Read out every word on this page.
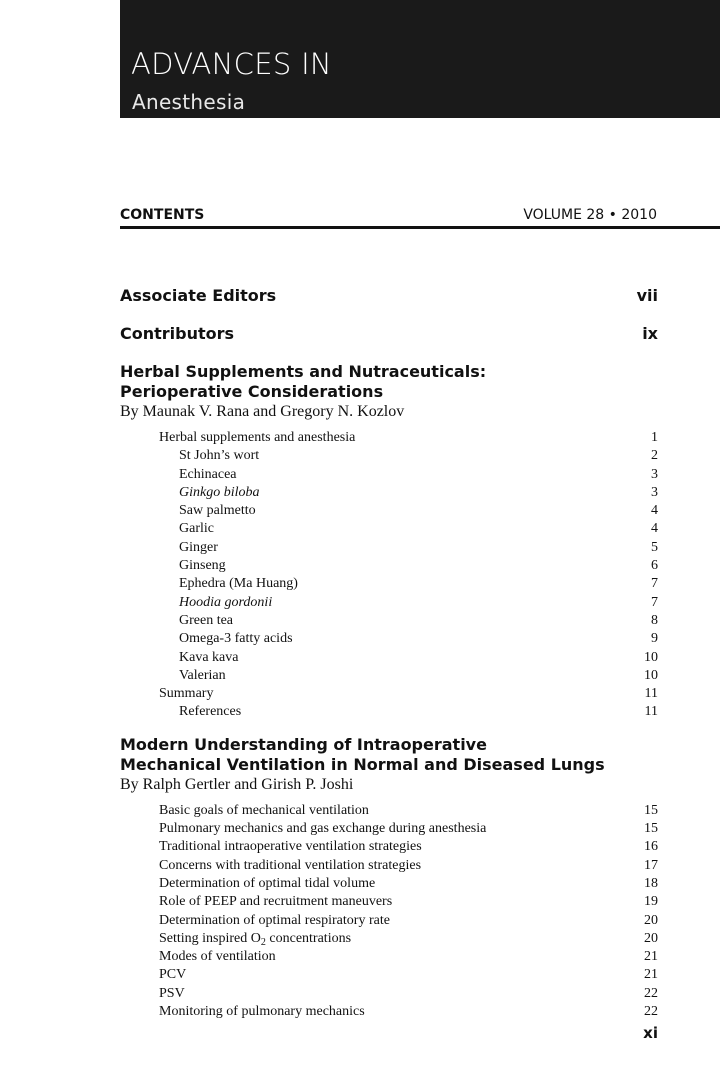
ADVANCES IN
Anesthesia
CONTENTS	VOLUME 28 • 2010
Associate Editors	vii
Contributors	ix
Herbal Supplements and Nutraceuticals:
Perioperative Considerations
By Maunak V. Rana and Gregory N. Kozlov
Herbal supplements and anesthesia	1
St John’s wort	2
Echinacea	3
Ginkgo biloba	3
Saw palmetto	4
Garlic	4
Ginger	5
Ginseng	6
Ephedra (Ma Huang)	7
Hoodia gordonii	7
Green tea	8
Omega-3 fatty acids	9
Kava kava	10
Valerian	10
Summary	11
References	11
Modern Understanding of Intraoperative
Mechanical Ventilation in Normal and Diseased Lungs
By Ralph Gertler and Girish P. Joshi
Basic goals of mechanical ventilation	15
Pulmonary mechanics and gas exchange during anesthesia	15
Traditional intraoperative ventilation strategies	16
Concerns with traditional ventilation strategies	17
Determination of optimal tidal volume	18
Role of PEEP and recruitment maneuvers	19
Determination of optimal respiratory rate	20
Setting inspired $O_2$ concentrations	20
Modes of ventilation	21
PCV	21
PSV	22
Monitoring of pulmonary mechanics	22
xi
